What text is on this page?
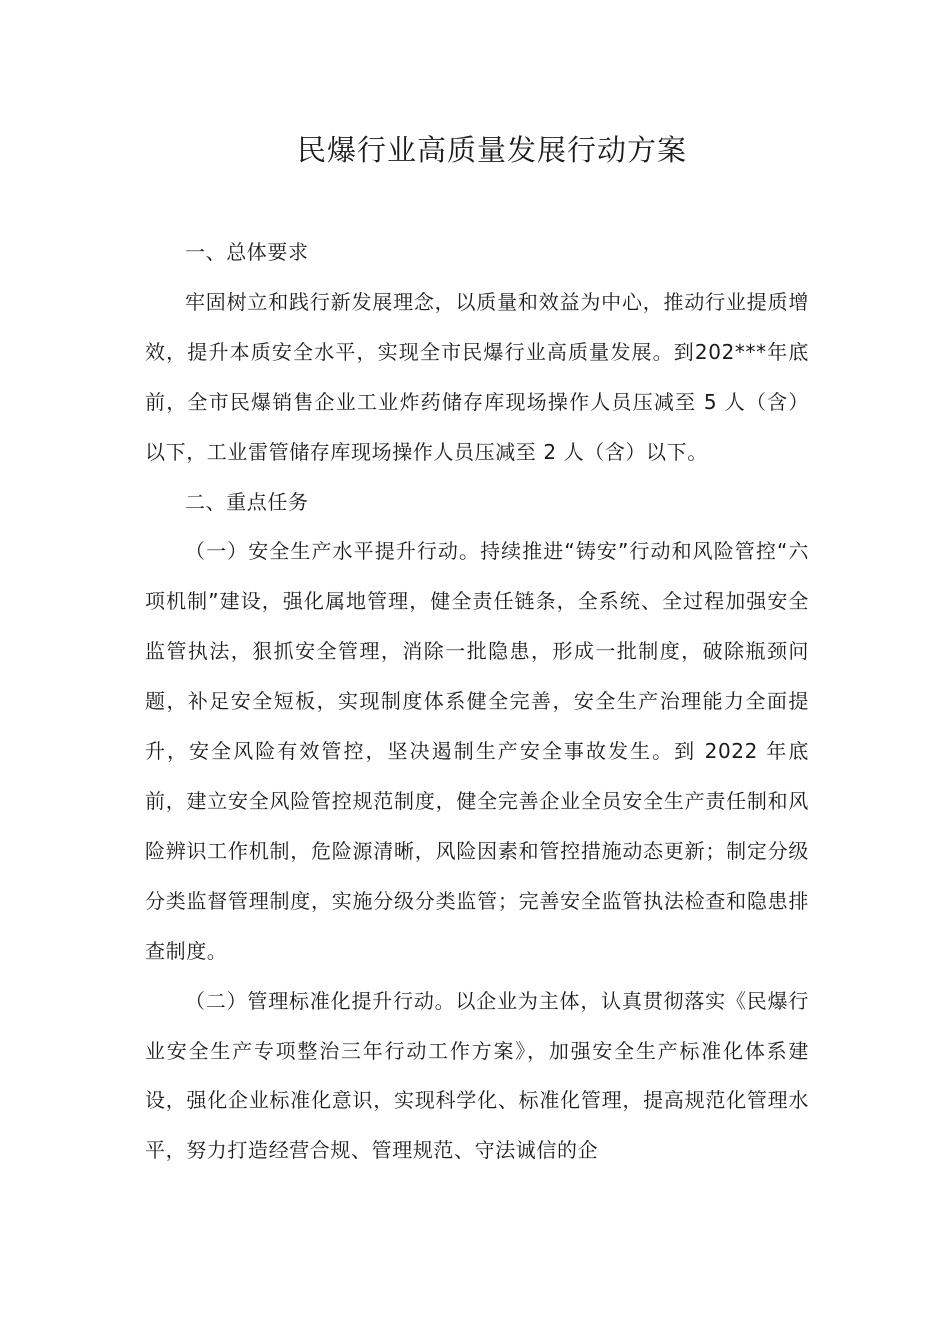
民爆行业高质量发展行动方案

一、总体要求

牢固树立和践行新发展理念，以质量和效益为中心，推动行业提质增效，提升本质安全水平，实现全市民爆行业高质量发展。到202***年底前，全市民爆销售企业工业炸药储存库现场操作人员压减至 5 人（含）以下，工业雷管储存库现场操作人员压减至 2 人（含）以下。

二、重点任务

（一）安全生产水平提升行动。持续推进“铸安”行动和风险管控“六项机制”建设，强化属地管理，健全责任链条，全系统、全过程加强安全监管执法，狠抓安全管理，消除一批隐患，形成一批制度，破除瓶颈问题，补足安全短板，实现制度体系健全完善，安全生产治理能力全面提升，安全风险有效管控，坚决遏制生产安全事故发生。到 2022 年底前，建立安全风险管控规范制度，健全完善企业全员安全生产责任制和风险辨识工作机制，危险源清晰，风险因素和管控措施动态更新；制定分级分类监督管理制度，实施分级分类监管；完善安全监管执法检查和隐患排查制度。

（二）管理标准化提升行动。以企业为主体，认真贯彻落实《民爆行业安全生产专项整治三年行动工作方案》，加强安全生产标准化体系建设，强化企业标准化意识，实现科学化、标准化管理，提高规范化管理水平，努力打造经营合规、管理规范、守法诚信的企
